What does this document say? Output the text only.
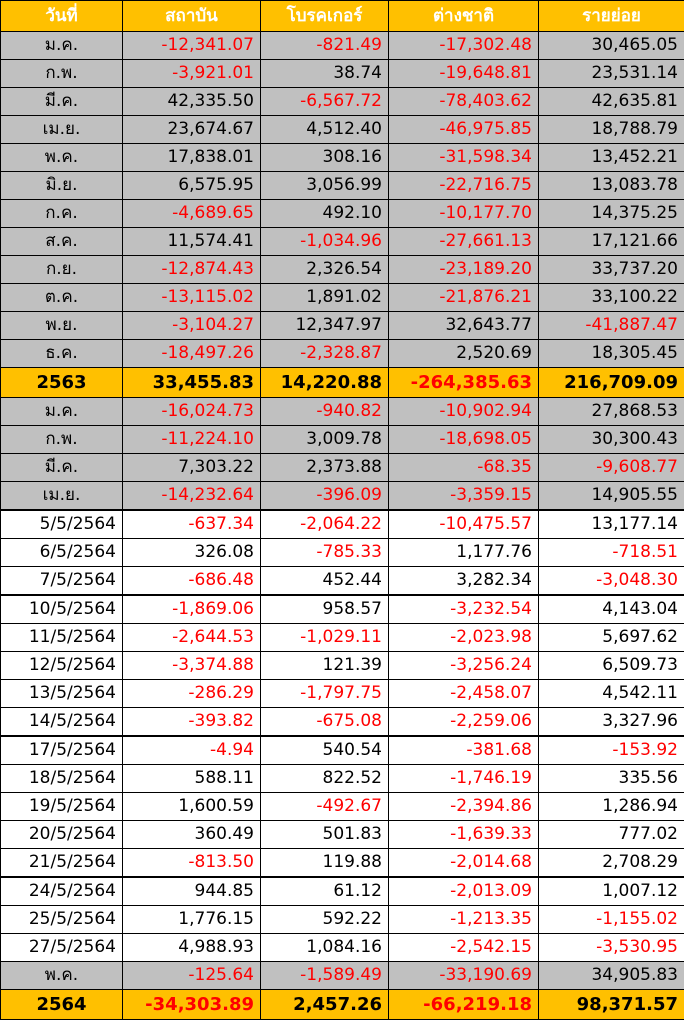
วันที่	สถาบัน	โบรคเกอร์	ต่างชาติ	รายย่อย
ม.ค.	-12,341.07	-821.49	-17,302.48	30,465.05
ก.พ.	-3,921.01	38.74	-19,648.81	23,531.14
มี.ค.	42,335.50	-6,567.72	-78,403.62	42,635.81
เม.ย.	23,674.67	4,512.40	-46,975.85	18,788.79
พ.ค.	17,838.01	308.16	-31,598.34	13,452.21
มิ.ย.	6,575.95	3,056.99	-22,716.75	13,083.78
ก.ค.	-4,689.65	492.10	-10,177.70	14,375.25
ส.ค.	11,574.41	-1,034.96	-27,661.13	17,121.66
ก.ย.	-12,874.43	2,326.54	-23,189.20	33,737.20
ต.ค.	-13,115.02	1,891.02	-21,876.21	33,100.22
พ.ย.	-3,104.27	12,347.97	32,643.77	-41,887.47
ธ.ค.	-18,497.26	-2,328.87	2,520.69	18,305.45
2563	33,455.83	14,220.88	-264,385.63	216,709.09
ม.ค.	-16,024.73	-940.82	-10,902.94	27,868.53
ก.พ.	-11,224.10	3,009.78	-18,698.05	30,300.43
มี.ค.	7,303.22	2,373.88	-68.35	-9,608.77
เม.ย.	-14,232.64	-396.09	-3,359.15	14,905.55
5/5/2564	-637.34	-2,064.22	-10,475.57	13,177.14
6/5/2564	326.08	-785.33	1,177.76	-718.51
7/5/2564	-686.48	452.44	3,282.34	-3,048.30
10/5/2564	-1,869.06	958.57	-3,232.54	4,143.04
11/5/2564	-2,644.53	-1,029.11	-2,023.98	5,697.62
12/5/2564	-3,374.88	121.39	-3,256.24	6,509.73
13/5/2564	-286.29	-1,797.75	-2,458.07	4,542.11
14/5/2564	-393.82	-675.08	-2,259.06	3,327.96
17/5/2564	-4.94	540.54	-381.68	-153.92
18/5/2564	588.11	822.52	-1,746.19	335.56
19/5/2564	1,600.59	-492.67	-2,394.86	1,286.94
20/5/2564	360.49	501.83	-1,639.33	777.02
21/5/2564	-813.50	119.88	-2,014.68	2,708.29
24/5/2564	944.85	61.12	-2,013.09	1,007.12
25/5/2564	1,776.15	592.22	-1,213.35	-1,155.02
27/5/2564	4,988.93	1,084.16	-2,542.15	-3,530.95
พ.ค.	-125.64	-1,589.49	-33,190.69	34,905.83
2564	-34,303.89	2,457.26	-66,219.18	98,371.57
